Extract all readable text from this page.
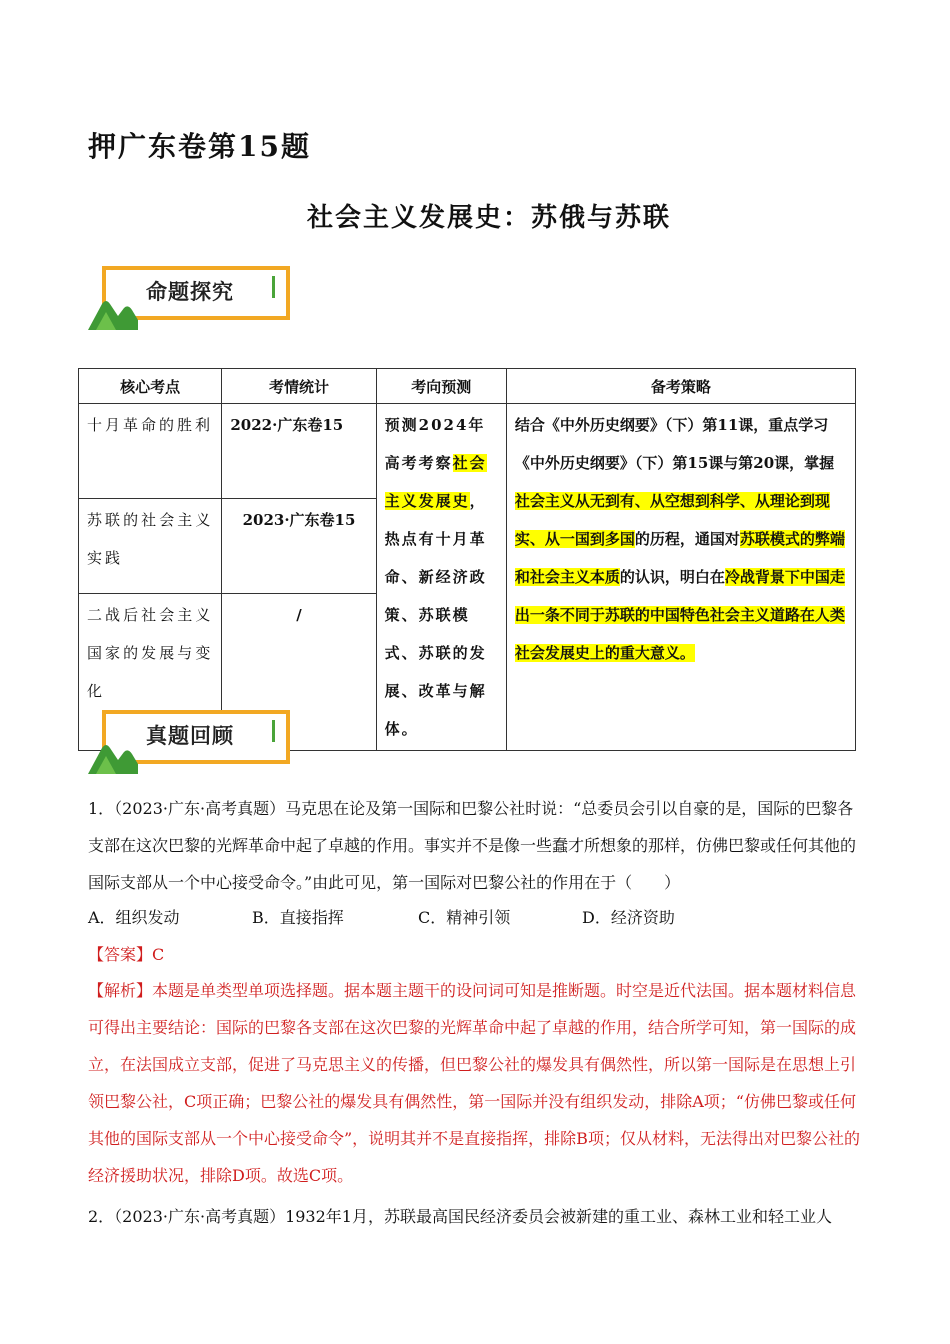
押广东卷第15题
社会主义发展史：苏俄与苏联
命题探究
核心考点	考情统计	考向预测	备考策略
十月革命的胜利	2022·广东卷15	预测2024年高考考察社会主义发展史，热点有十月革命、新经济政策、苏联模式、苏联的发展、改革与解体。	结合《中外历史纲要》（下）第11课，重点学习《中外历史纲要》（下）第15课与第20课，掌握社会主义从无到有、从空想到科学、从理论到现实、从一国到多国的历程，通国对苏联模式的弊端和社会主义本质的认识，明白在冷战背景下中国走出一条不同于苏联的中国特色社会主义道路在人类社会发展史上的重大意义。
苏联的社会主义实践	2023·广东卷15		
二战后社会主义国家的发展与变化	/		
真题回顾
1．（2023·广东·高考真题）马克思在论及第一国际和巴黎公社时说：“总委员会引以自豪的是，国际的巴黎各支部在这次巴黎的光辉革命中起了卓越的作用。事实并不是像一些蠢才所想象的那样，仿佛巴黎或任何其他的国际支部从一个中心接受命令。”由此可见，第一国际对巴黎公社的作用在于（　　）
A．组织发动	B．直接指挥	C．精神引领	D．经济资助
【答案】C
【解析】本题是单类型单项选择题。据本题主题干的设问词可知是推断题。时空是近代法国。据本题材料信息可得出主要结论：国际的巴黎各支部在这次巴黎的光辉革命中起了卓越的作用，结合所学可知，第一国际的成立，在法国成立支部，促进了马克思主义的传播，但巴黎公社的爆发具有偶然性，所以第一国际是在思想上引领巴黎公社，C项正确；巴黎公社的爆发具有偶然性，第一国际并没有组织发动，排除A项；“仿佛巴黎或任何其他的国际支部从一个中心接受命令”，说明其并不是直接指挥，排除B项；仅从材料，无法得出对巴黎公社的经济援助状况，排除D项。故选C项。
2．（2023·广东·高考真题）1932年1月，苏联最高国民经济委员会被新建的重工业、森林工业和轻工业人
